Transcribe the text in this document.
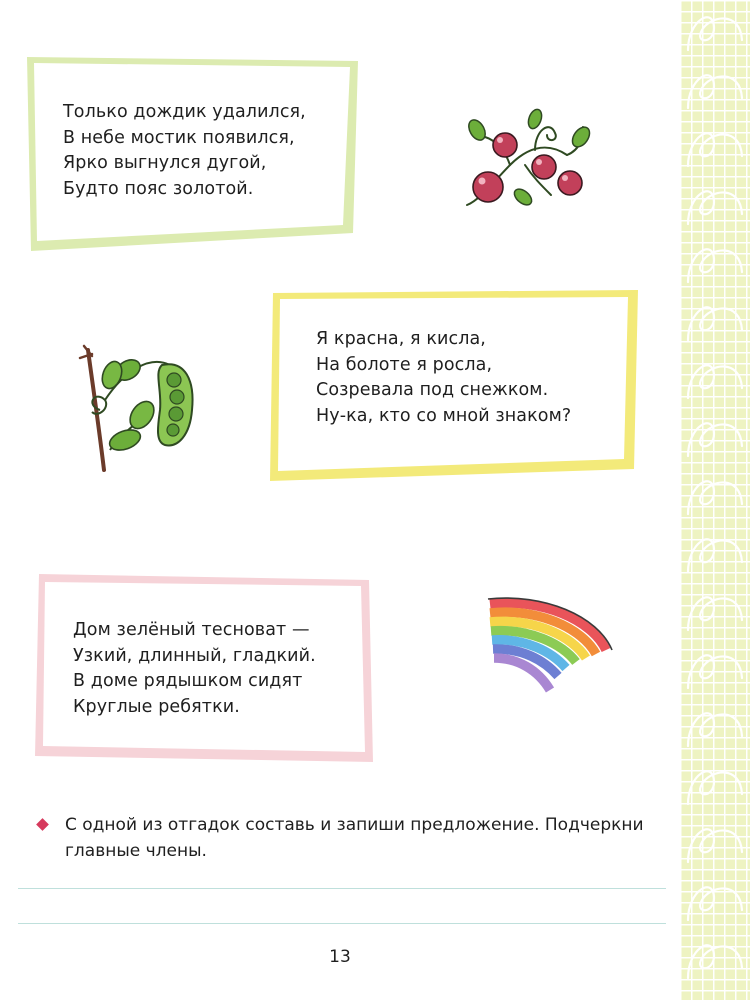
Только дождик удалился,
В небе мостик появился,
Ярко выгнулся дугой,
Будто пояс золотой.
Я красна, я кисла,
На болоте я росла,
Созревала под снежком.
Ну-ка, кто со мной знаком?
Дом зелёный тесноват —
Узкий, длинный, гладкий.
В доме рядышком сидят
Круглые ребятки.
С одной из отгадок составь и запиши предложение. Подчеркни главные члены.
13
